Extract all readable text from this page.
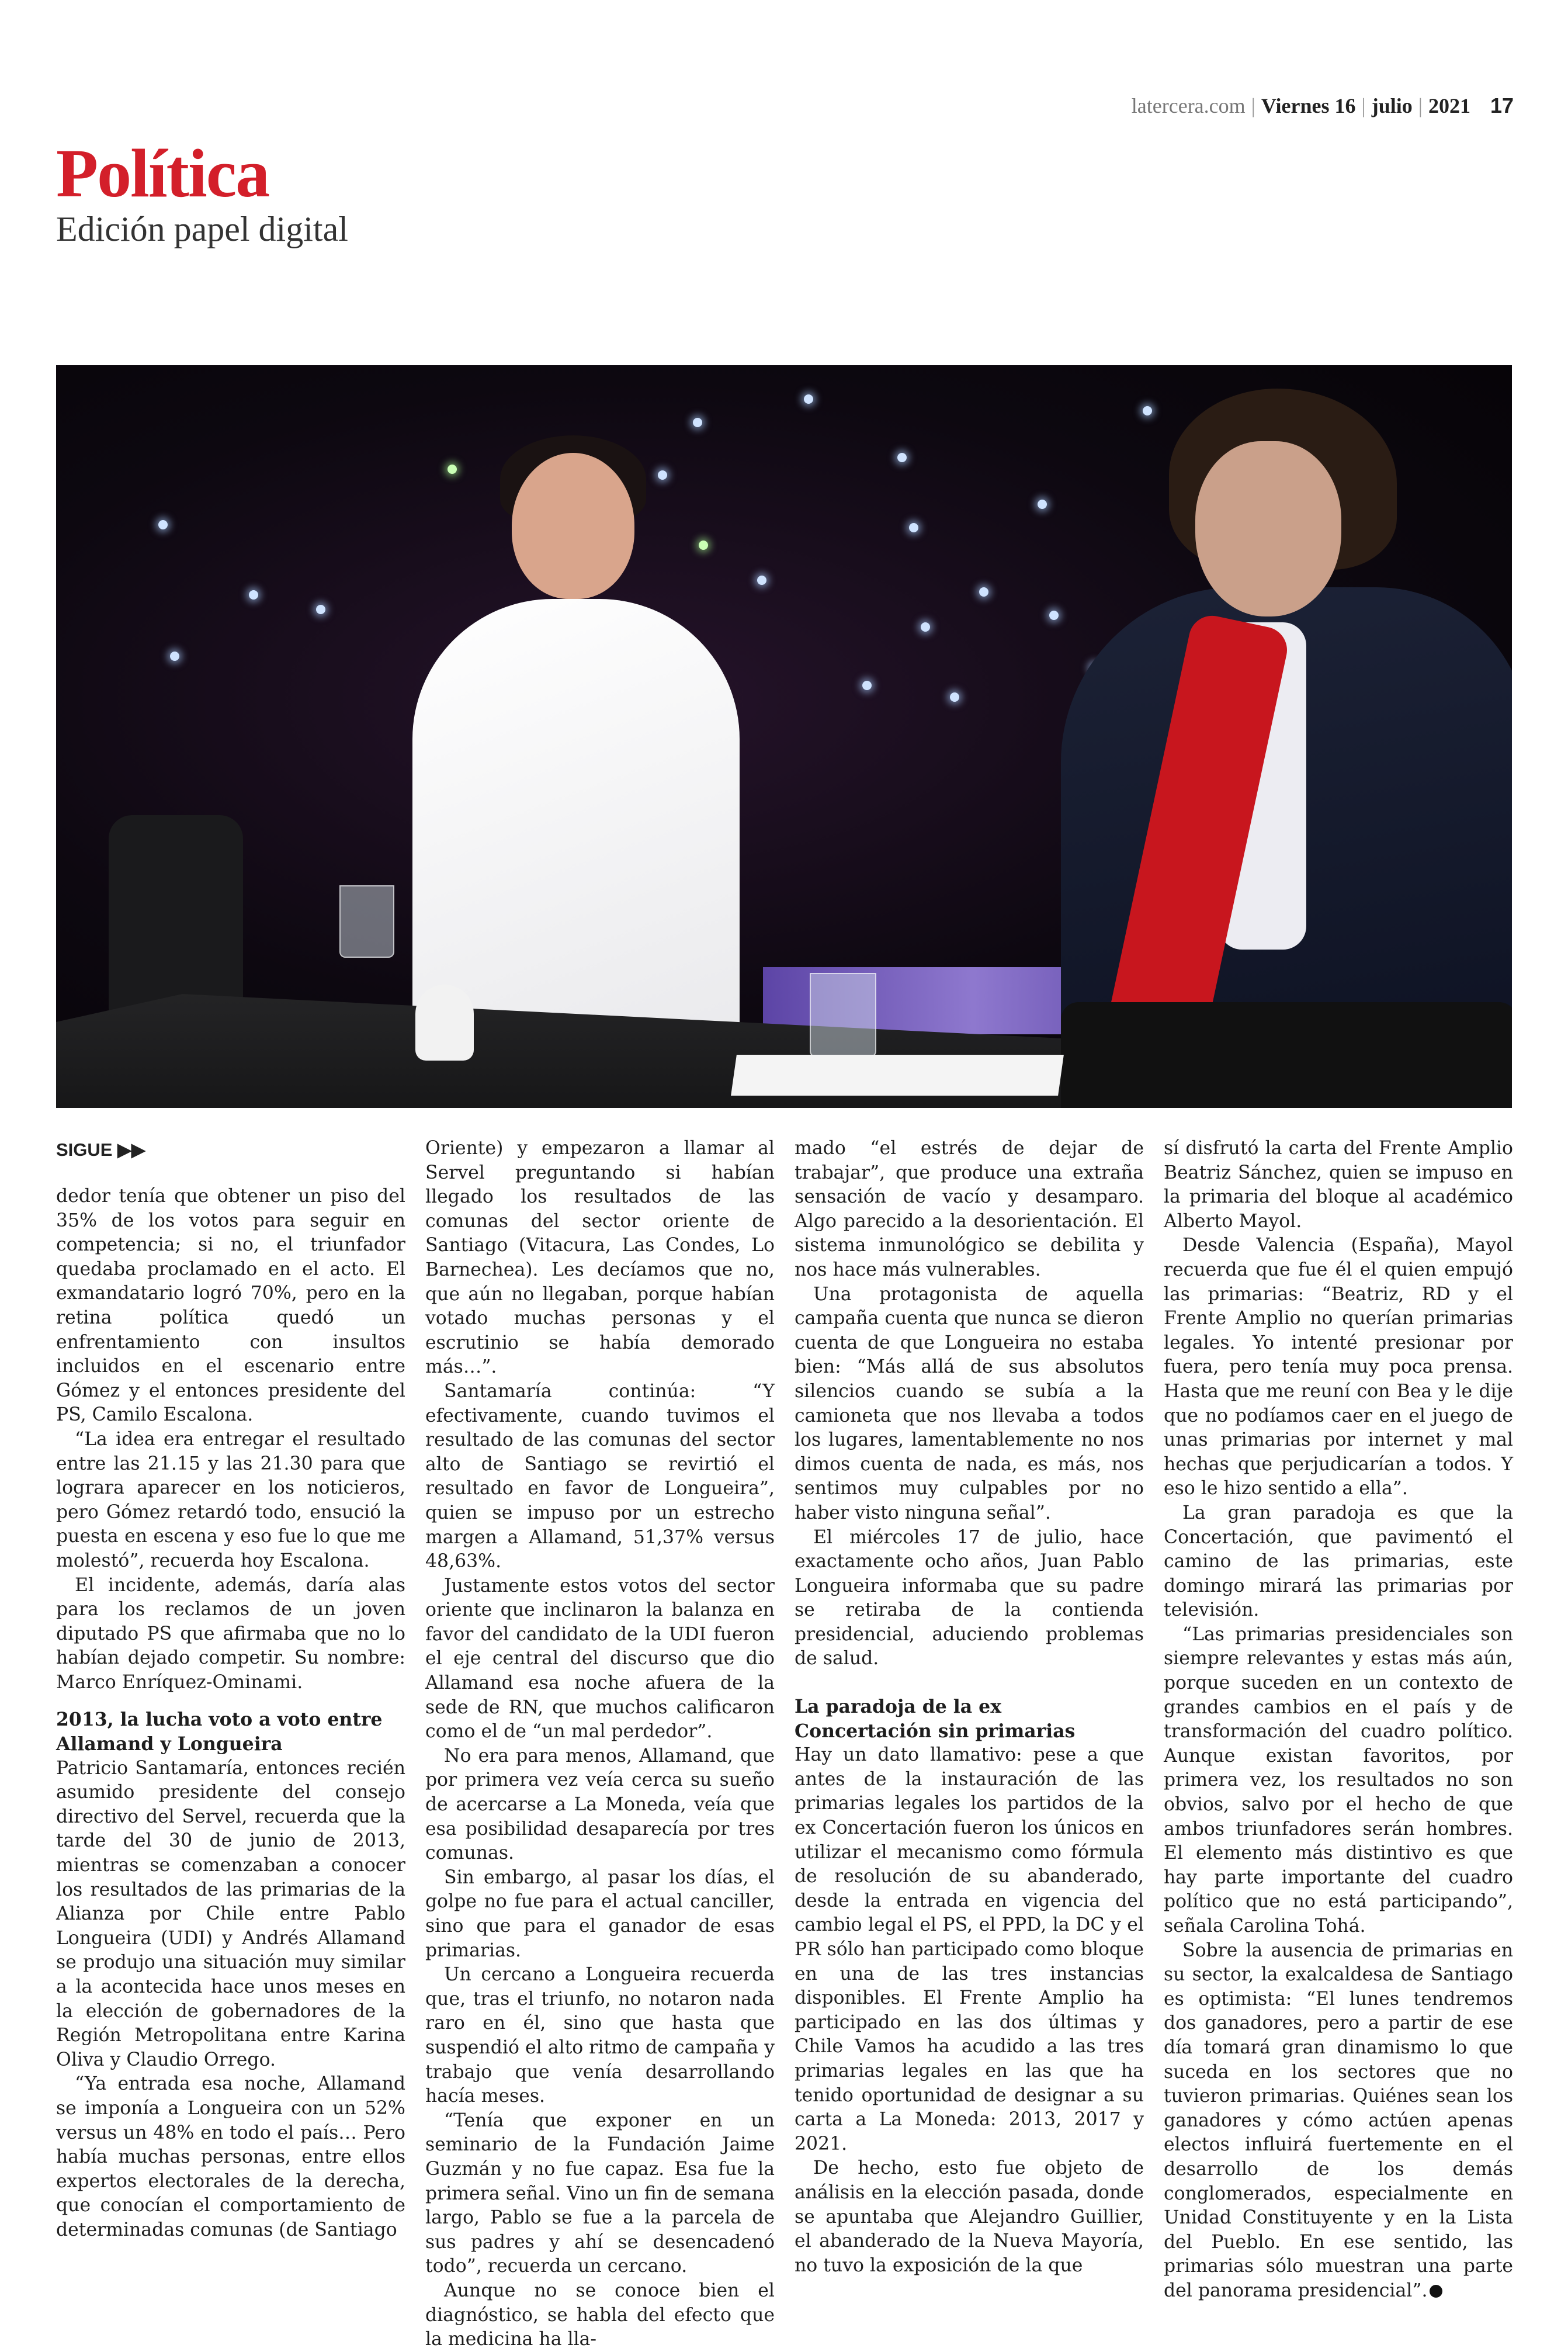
latercera.com | Viernes 16 | julio | 2021 17
Política
Edición papel digital
SIGUE ▶▶

dedor tenía que obtener un piso del 35% de los votos para seguir en competencia; si no, el triunfador quedaba proclamado en el acto. El exmandatario logró 70%, pero en la retina política quedó un enfrentamiento con insultos incluidos en el escenario entre Gómez y el entonces presidente del PS, Camilo Escalona.

“La idea era entregar el resultado entre las 21.15 y las 21.30 para que lograra aparecer en los noticieros, pero Gómez retardó todo, ensució la puesta en escena y eso fue lo que me molestó”, recuerda hoy Escalona.

El incidente, además, daría alas para los reclamos de un joven diputado PS que afirmaba que no lo habían dejado competir. Su nombre: Marco Enríquez-Ominami.

2013, la lucha voto a voto entre Allamand y Longueira

Patricio Santamaría, entonces recién asumido presidente del consejo directivo del Servel, recuerda que la tarde del 30 de junio de 2013, mientras se comenzaban a conocer los resultados de las primarias de la Alianza por Chile entre Pablo Longueira (UDI) y Andrés Allamand se produjo una situación muy similar a la acontecida hace unos meses en la elección de gobernadores de la Región Metropolitana entre Karina Oliva y Claudio Orrego.

“Ya entrada esa noche, Allamand se imponía a Longueira con un 52% versus un 48% en todo el país… Pero había muchas personas, entre ellos expertos electorales de la derecha, que conocían el comportamiento de determinadas comunas (de Santiago

Oriente) y empezaron a llamar al Servel preguntando si habían llegado los resultados de las comunas del sector oriente de Santiago (Vitacura, Las Condes, Lo Barnechea). Les decíamos que no, que aún no llegaban, porque habían votado muchas personas y el escrutinio se había demorado más…”.

Santamaría continúa: “Y efectivamente, cuando tuvimos el resultado de las comunas del sector alto de Santiago se revirtió el resultado en favor de Longueira”, quien se impuso por un estrecho margen a Allamand, 51,37% versus 48,63%.

Justamente estos votos del sector oriente que inclinaron la balanza en favor del candidato de la UDI fueron el eje central del discurso que dio Allamand esa noche afuera de la sede de RN, que muchos calificaron como el de “un mal perdedor”.

No era para menos, Allamand, que por primera vez veía cerca su sueño de acercarse a La Moneda, veía que esa posibilidad desaparecía por tres comunas.

Sin embargo, al pasar los días, el golpe no fue para el actual canciller, sino que para el ganador de esas primarias.

Un cercano a Longueira recuerda que, tras el triunfo, no notaron nada raro en él, sino que hasta que suspendió el alto ritmo de campaña y trabajo que venía desarrollando hacía meses.

“Tenía que exponer en un seminario de la Fundación Jaime Guzmán y no fue capaz. Esa fue la primera señal. Vino un fin de semana largo, Pablo se fue a la parcela de sus padres y ahí se desencadenó todo”, recuerda un cercano.

Aunque no se conoce bien el diagnóstico, se habla del efecto que la medicina ha lla-

mado “el estrés de dejar de trabajar”, que produce una extraña sensación de vacío y desamparo. Algo parecido a la desorientación. El sistema inmunológico se debilita y nos hace más vulnerables.

Una protagonista de aquella campaña cuenta que nunca se dieron cuenta de que Longueira no estaba bien: “Más allá de sus absolutos silencios cuando se subía a la camioneta que nos llevaba a todos los lugares, lamentablemente no nos dimos cuenta de nada, es más, nos sentimos muy culpables por no haber visto ninguna señal”.

El miércoles 17 de julio, hace exactamente ocho años, Juan Pablo Longueira informaba que su padre se retiraba de la contienda presidencial, aduciendo problemas de salud.

La paradoja de la ex Concertación sin primarias

Hay un dato llamativo: pese a que antes de la instauración de las primarias legales los partidos de la ex Concertación fueron los únicos en utilizar el mecanismo como fórmula de resolución de su abanderado, desde la entrada en vigencia del cambio legal el PS, el PPD, la DC y el PR sólo han participado como bloque en una de las tres instancias disponibles. El Frente Amplio ha participado en las dos últimas y Chile Vamos ha acudido a las tres primarias legales en las que ha tenido oportunidad de designar a su carta a La Moneda: 2013, 2017 y 2021.

De hecho, esto fue objeto de análisis en la elección pasada, donde se apuntaba que Alejandro Guillier, el abanderado de la Nueva Mayoría, no tuvo la exposición de la que

sí disfrutó la carta del Frente Amplio Beatriz Sánchez, quien se impuso en la primaria del bloque al académico Alberto Mayol.

Desde Valencia (España), Mayol recuerda que fue él el quien empujó las primarias: “Beatriz, RD y el Frente Amplio no querían primarias legales. Yo intenté presionar por fuera, pero tenía muy poca prensa. Hasta que me reuní con Bea y le dije que no podíamos caer en el juego de unas primarias por internet y mal hechas que perjudicarían a todos. Y eso le hizo sentido a ella”.

La gran paradoja es que la Concertación, que pavimentó el camino de las primarias, este domingo mirará las primarias por televisión.

“Las primarias presidenciales son siempre relevantes y estas más aún, porque suceden en un contexto de grandes cambios en el país y de transformación del cuadro político. Aunque existan favoritos, por primera vez, los resultados no son obvios, salvo por el hecho de que ambos triunfadores serán hombres. El elemento más distintivo es que hay parte importante del cuadro político que no está participando”, señala Carolina Tohá.

Sobre la ausencia de primarias en su sector, la exalcaldesa de Santiago es optimista: “El lunes tendremos dos ganadores, pero a partir de ese día tomará gran dinamismo lo que suceda en los sectores que no tuvieron primarias. Quiénes sean los ganadores y cómo actúen apenas electos influirá fuertemente en el desarrollo de los demás conglomerados, especialmente en Unidad Constituyente y en la Lista del Pueblo. En ese sentido, las primarias sólo muestran una parte del panorama presidencial”.
